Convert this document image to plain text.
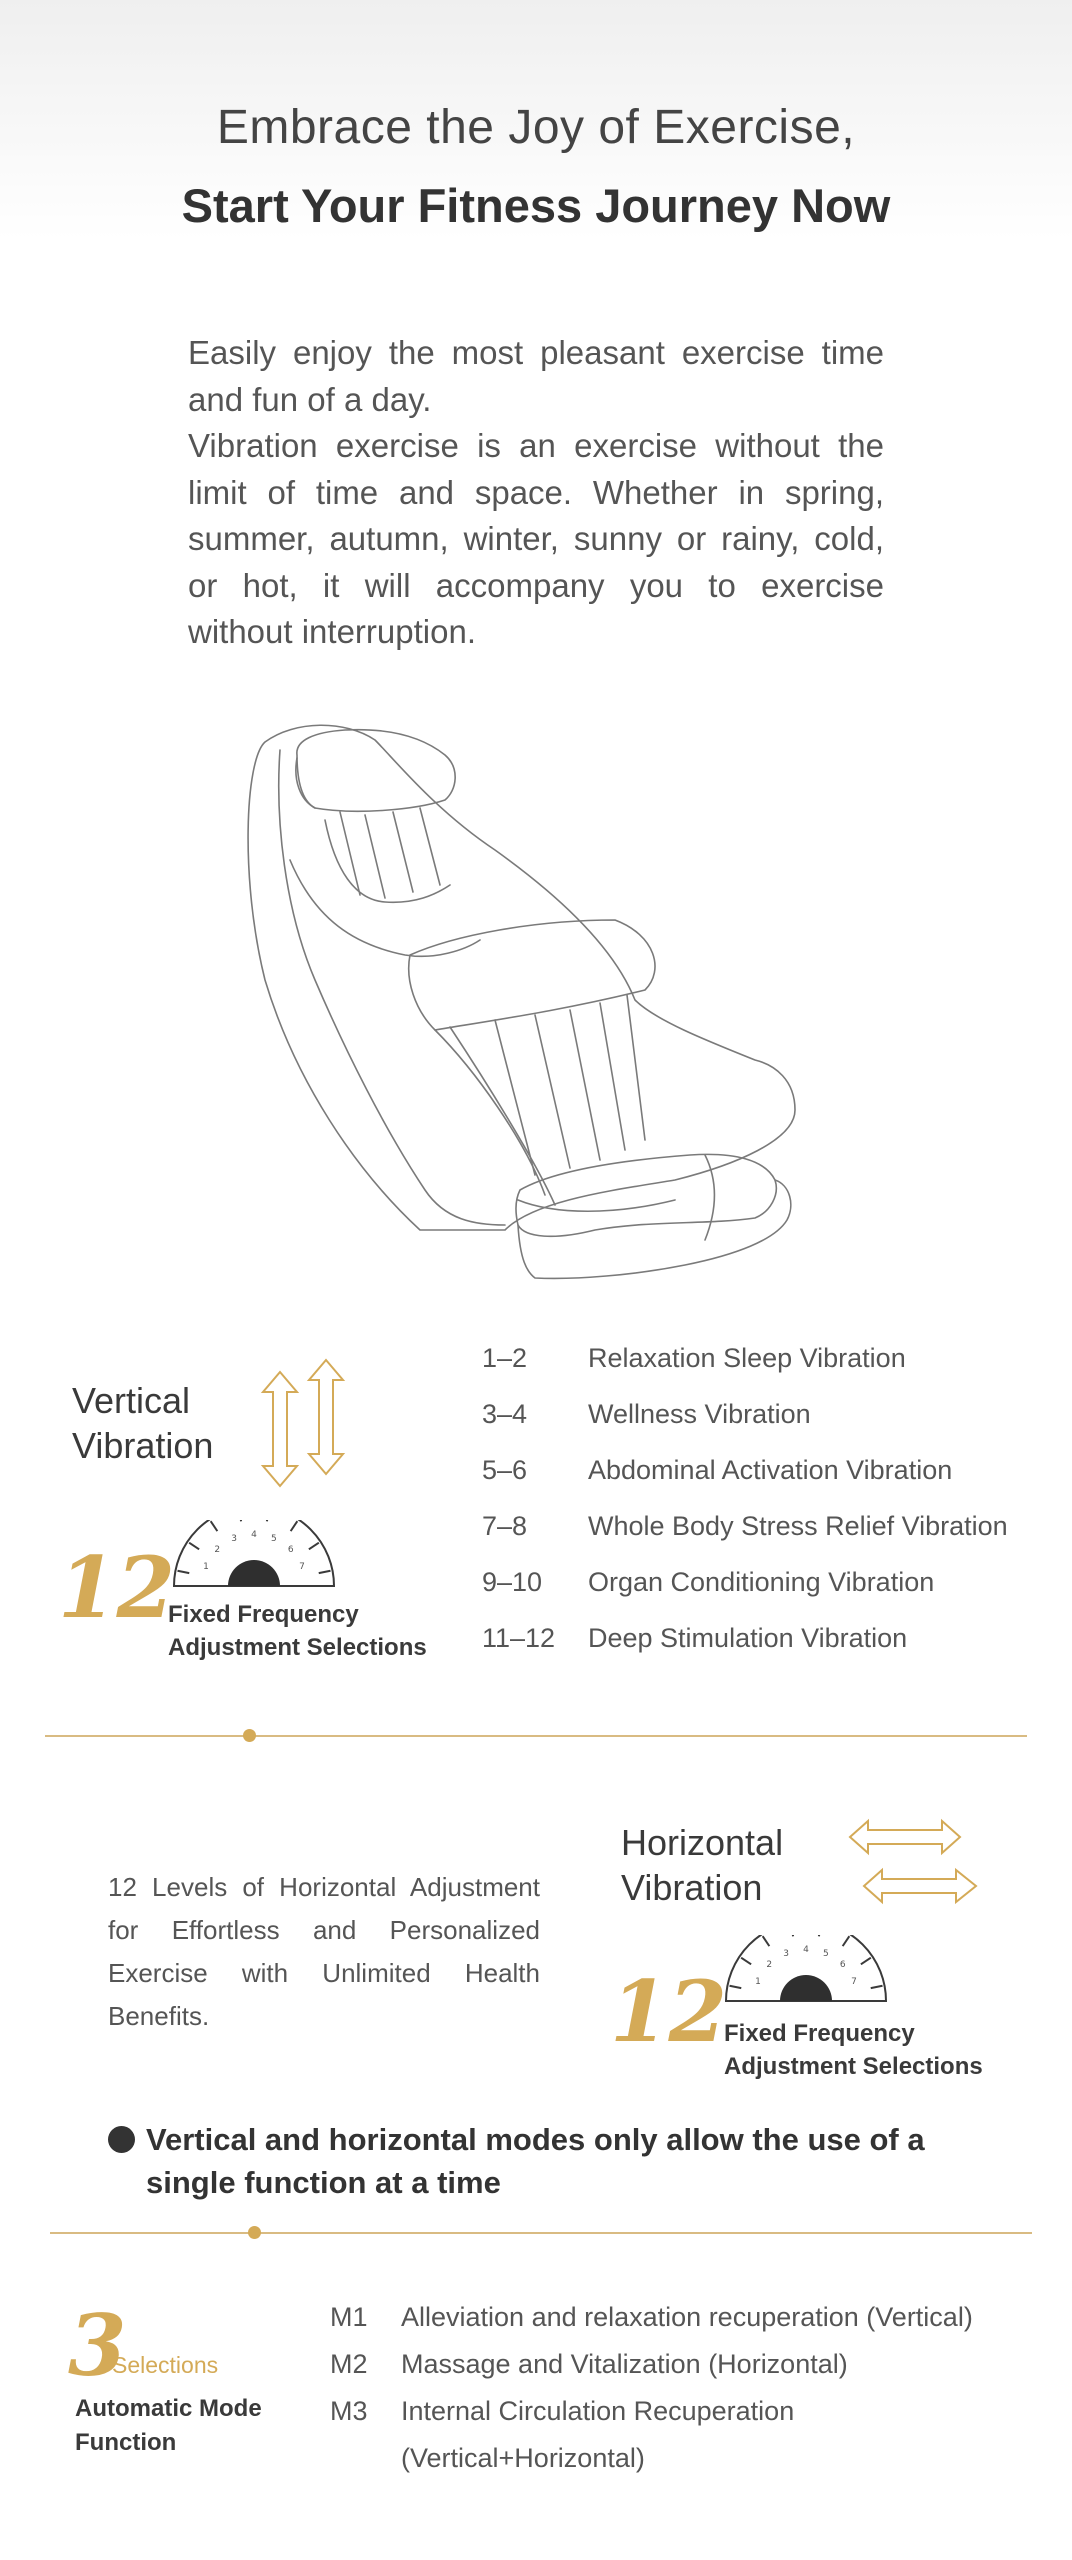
Embrace the Joy of Exercise,
Start Your Fitness Journey Now

Easily enjoy the most pleasant exercise time and fun of a day.

Vibration exercise is an exercise without the limit of time and space. Whether in spring, summer, autumn, winter, sunny or rainy, cold, or hot, it will accompany you to exercise without interruption.

Vertical
Vibration
12	1
2
3 4 5
6
7
Fixed Frequency
Adjustment Selections
1–2	Relaxation Sleep Vibration
3–4	Wellness Vibration
5–6	Abdominal Activation Vibration
7–8	Whole Body Stress Relief Vibration
9–10	Organ Conditioning Vibration
11–12	Deep Stimulation Vibration
12 Levels of Horizontal Adjustment for Effortless and Personalized Exercise with Unlimited Health Benefits.
Horizontal
Vibration
12	1
2
3 4 5
6
7
Fixed Frequency
Adjustment Selections
Vertical and horizontal modes only allow the use of a single function at a time
3
Selections
Automatic Mode
Function
M1 Alleviation and relaxation recuperation (Vertical)
M2 Massage and Vitalization (Horizontal)
M3 Internal Circulation Recuperation
(Vertical+Horizontal)
